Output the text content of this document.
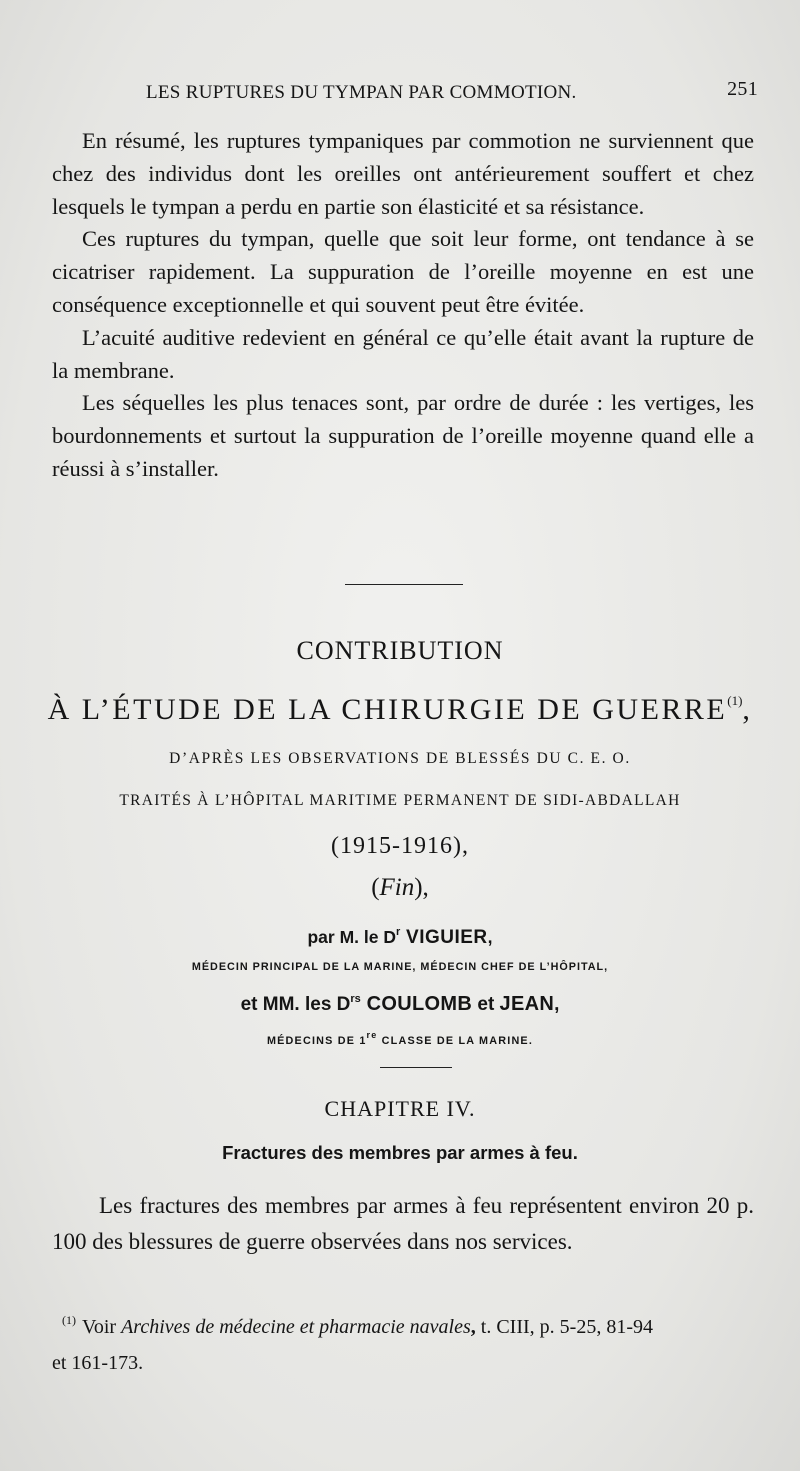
LES RUPTURES DU TYMPAN PAR COMMOTION.	251

En résumé, les ruptures tympaniques par commotion ne surviennent que chez des individus dont les oreilles ont antérieurement souffert et chez lesquels le tympan a perdu en partie son élasticité et sa résistance.

Ces ruptures du tympan, quelle que soit leur forme, ont tendance à se cicatriser rapidement. La suppuration de l’oreille moyenne en est une conséquence exceptionnelle et qui souvent peut être évitée.

L’acuité auditive redevient en général ce qu’elle était avant la rupture de la membrane.

Les séquelles les plus tenaces sont, par ordre de durée : les vertiges, les bourdonnements et surtout la suppuration de l’oreille moyenne quand elle a réussi à s’installer.

CONTRIBUTION
À L’ÉTUDE DE LA CHIRURGIE DE GUERRE$^{(1)}$,
D’APRÈS LES OBSERVATIONS DE BLESSÉS DU C. E. O.
TRAITÉS À L’HÔPITAL MARITIME PERMANENT DE SIDI-ABDALLAH
(1915-1916),
(Fin),
par M. le $D^r$ VIGUIER,
MÉDECIN PRINCIPAL DE LA MARINE, MÉDECIN CHEF DE L’HÔPITAL,
et MM. les $D^{rs}$ COULOMB et JEAN,
MÉDECINS DE 1re CLASSE DE LA MARINE.
CHAPITRE IV.
Fractures des membres par armes à feu.

Les fractures des membres par armes à feu représentent environ 20 p. 100 des blessures de guerre observées dans nos services.

$^{(1)}$ Voir Archives de médecine et pharmacie navales, t. CIII, p. 5-25, 81-94
et 161-173.
